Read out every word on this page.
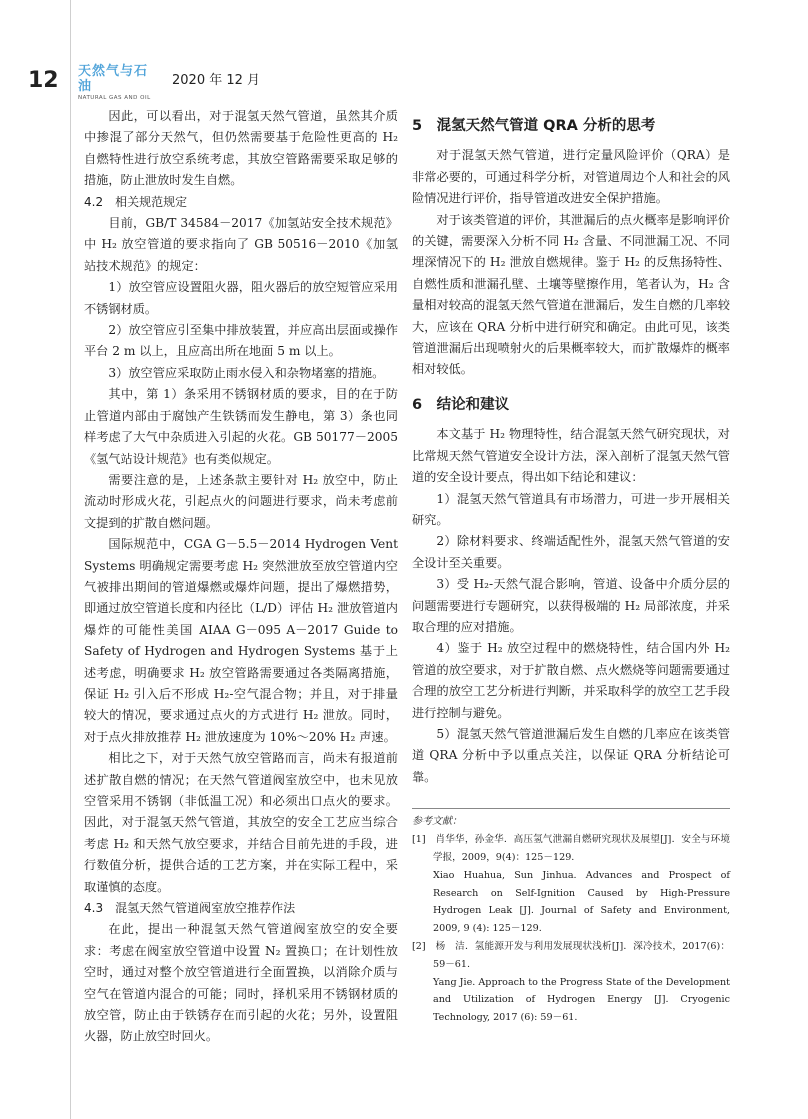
12 天然气与石油
NATURAL GAS AND OIL
2020 年 12 月

因此，可以看出，对于混氢天然气管道，虽然其介质中掺混了部分天然气，但仍然需要基于危险性更高的 H₂ 自燃特性进行放空系统考虑，其放空管路需要采取足够的措施，防止泄放时发生自燃。

4.2　相关规范规定

目前，GB/T 34584－2017《加氢站安全技术规范》中 H₂ 放空管道的要求指向了 GB 50516－2010《加氢站技术规范》的规定：

1）放空管应设置阻火器，阻火器后的放空短管应采用不锈钢材质。

2）放空管应引至集中排放装置，并应高出层面或操作平台 2 m 以上，且应高出所在地面 5 m 以上。

3）放空管应采取防止雨水侵入和杂物堵塞的措施。

其中，第 1）条采用不锈钢材质的要求，目的在于防止管道内部由于腐蚀产生铁锈而发生静电，第 3）条也同样考虑了大气中杂质进入引起的火花。GB 50177－2005《氢气站设计规范》也有类似规定。

需要注意的是，上述条款主要针对 H₂ 放空中，防止流动时形成火花，引起点火的问题进行要求，尚未考虑前文提到的扩散自燃问题。

国际规范中，CGA G－5.5－2014 Hydrogen Vent Systems 明确规定需要考虑 H₂ 突然泄放至放空管道内空气被排出期间的管道爆燃或爆炸问题，提出了爆燃措势，即通过放空管道长度和内径比（L/D）评估 H₂ 泄放管道内爆炸的可能性美国 AIAA G－095 A－2017 Guide to Safety of Hydrogen and Hydrogen Systems 基于上述考虑，明确要求 H₂ 放空管路需要通过各类隔离措施，保证 H₂ 引入后不形成 H₂-空气混合物；并且，对于排量较大的情况，要求通过点火的方式进行 H₂ 泄放。同时，对于点火排放推荐 H₂ 泄放速度为 10%～20% H₂ 声速。

相比之下，对于天然气放空管路而言，尚未有报道前述扩散自燃的情况；在天然气管道阀室放空中，也未见放空管采用不锈钢（非低温工况）和必须出口点火的要求。因此，对于混氢天然气管道，其放空的安全工艺应当综合考虑 H₂ 和天然气放空要求，并结合目前先进的手段，进行数值分析，提供合适的工艺方案，并在实际工程中，采取谨慎的态度。

4.3　混氢天然气管道阀室放空推荐作法

在此，提出一种混氢天然气管道阀室放空的安全要求：考虑在阀室放空管道中设置 N₂ 置换口；在计划性放空时，通过对整个放空管道进行全面置换，以消除介质与空气在管道内混合的可能；同时，择机采用不锈钢材质的放空管，防止由于铁锈存在而引起的火花；另外，设置阻火器，防止放空时回火。

5　混氢天然气管道 QRA 分析的思考

对于混氢天然气管道，进行定量风险评价（QRA）是非常必要的，可通过科学分析，对管道周边个人和社会的风险情况进行评价，指导管道改进安全保护措施。

对于该类管道的评价，其泄漏后的点火概率是影响评价的关键，需要深入分析不同 H₂ 含量、不同泄漏工况、不同埋深情况下的 H₂ 泄放自燃规律。鉴于 H₂ 的反焦扬特性、自燃性质和泄漏孔壁、土壤等壁擦作用，笔者认为，H₂ 含量相对较高的混氢天然气管道在泄漏后，发生自燃的几率较大，应该在 QRA 分析中进行研究和确定。由此可见，该类管道泄漏后出现喷射火的后果概率较大，而扩散爆炸的概率相对较低。

6　结论和建议

本文基于 H₂ 物理特性，结合混氢天然气研究现状，对比常规天然气管道安全设计方法，深入剖析了混氢天然气管道的安全设计要点，得出如下结论和建议：

1）混氢天然气管道具有市场潜力，可进一步开展相关研究。

2）除材料要求、终端适配性外，混氢天然气管道的安全设计至关重要。

3）受 H₂-天然气混合影响，管道、设备中介质分层的问题需要进行专题研究，以获得极端的 H₂ 局部浓度，并采取合理的应对措施。

4）鉴于 H₂ 放空过程中的燃烧特性，结合国内外 H₂ 管道的放空要求，对于扩散自燃、点火燃烧等问题需要通过合理的放空工艺分析进行判断，并采取科学的放空工艺手段进行控制与避免。

5）混氢天然气管道泄漏后发生自燃的几率应在该类管道 QRA 分析中予以重点关注，以保证 QRA 分析结论可靠。

参考文献：
[1]　肖华华，孙金华．高压氢气泄漏自燃研究现状及展望[J]．安全与环境学报，2009，9(4)：125－129.
Xiao Huahua, Sun Jinhua. Advances and Prospect of Research on Self-Ignition Caused by High-Pressure Hydrogen Leak [J]. Journal of Safety and Environment, 2009, 9 (4): 125－129.
[2]　杨　洁．氢能源开发与利用发展现状浅析[J]．深冷技术，2017(6)：59－61.
Yang Jie. Approach to the Progress State of the Development and Utilization of Hydrogen Energy [J]. Cryogenic Technology, 2017 (6): 59－61.
